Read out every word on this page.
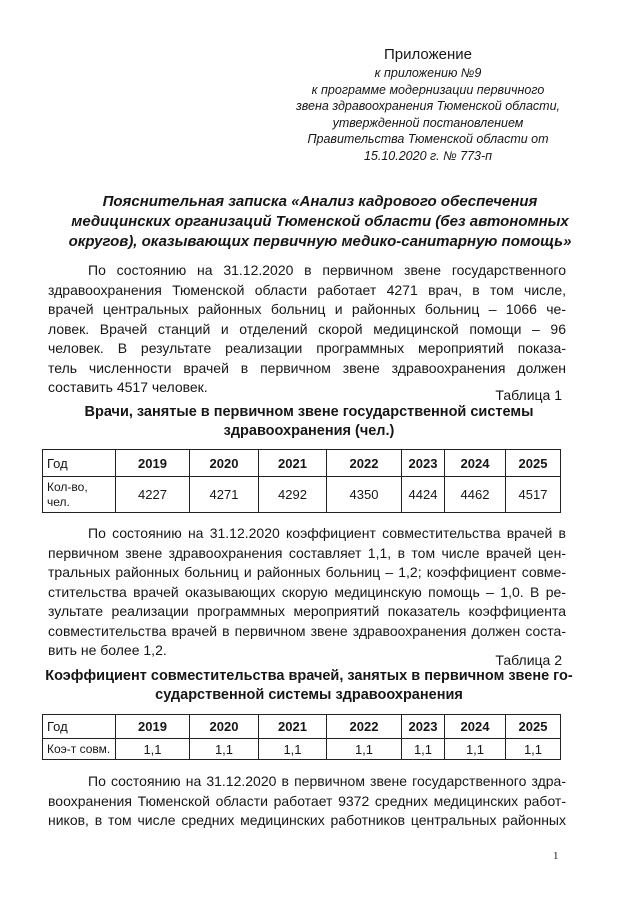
Приложение
к приложению №9
к программе модернизации первичного
звена здравоохранения Тюменской области,
утвержденной постановлением
Правительства Тюменской области от
15.10.2020 г. № 773-п
Пояснительная записка «Анализ кадрового обеспечения
медицинских организаций Тюменской области (без автономных
округов), оказывающих первичную медико-санитарную помощь»
По состоянию на 31.12.2020 в первичном звене государственного
здравоохранения Тюменской области работает 4271 врач, в том числе,
врачей центральных районных больниц и районных больниц – 1066 че-
ловек. Врачей станций и отделений скорой медицинской помощи – 96
человек. В результате реализации программных мероприятий показа-
тель численности врачей в первичном звене здравоохранения должен
составить 4517 человек.	Таблица 1
Врачи, занятые в первичном звене государственной системы
здравоохранения (чел.)
Год	2019	2020	2021	2022	2023	2024	2025

Кол-во,
чел.	4227	4271	4292	4350	4424	4462	4517
По состоянию на 31.12.2020 коэффициент совместительства врачей в
первичном звене здравоохранения составляет 1,1, в том числе врачей цен-
тральных районных больниц и районных больниц – 1,2; коэффициент совме-
стительства врачей оказывающих скорую медицинскую помощь – 1,0. В ре-
зультате реализации программных мероприятий показатель коэффициента
совместительства врачей в первичном звене здравоохранения должен соста-
вить не более 1,2.
Таблица 2
Коэффициент совместительства врачей, занятых в первичном звене го-
сударственной системы здравоохранения
Год	2019	2020	2021	2022	2023	2024	2025
Коэ-т совм.	1,1	1,1	1,1	1,1	1,1	1,1	1,1
По состоянию на 31.12.2020 в первичном звене государственного здра-
воохранения Тюменской области работает 9372 средних медицинских работ-
ников, в том числе средних медицинских работников центральных районных
1
